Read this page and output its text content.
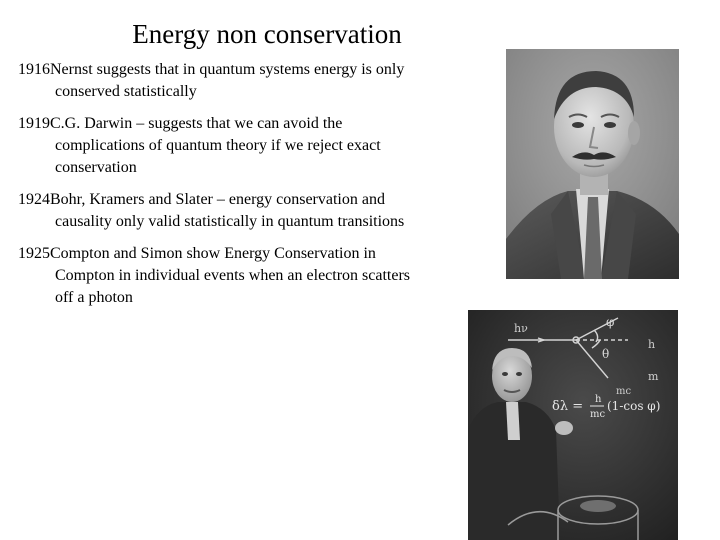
Energy non conservation
1916Nernst suggests that in quantum systems energy is only conserved statistically
1919C.G. Darwin – suggests that we can avoid the complications of quantum theory if we reject exact conservation
1924Bohr, Kramers and Slater – energy conservation and causality only valid statistically in quantum transitions
1925Compton and Simon show Energy Conservation in Compton in individual events when an electron scatters off a photon
φ
θ
hν
h
m
mc
δλ = h
mc
(1-cos φ)
